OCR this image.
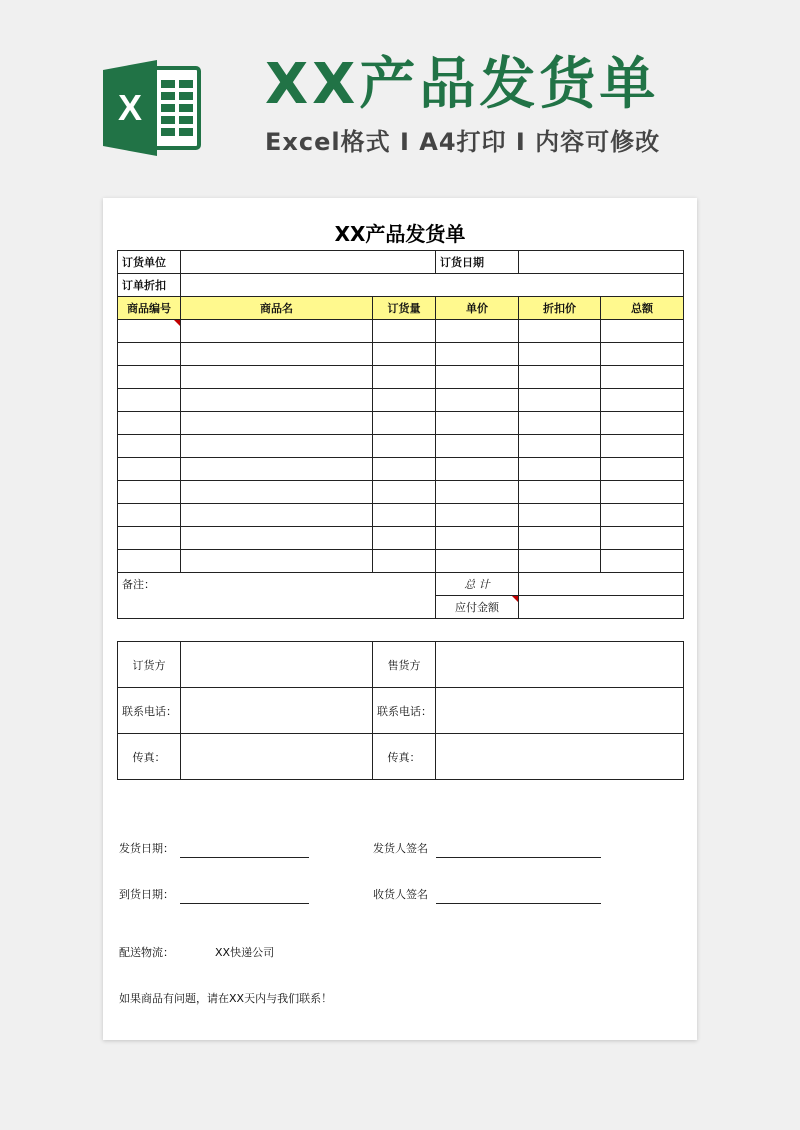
X XX产品发货单
Excel格式 I A4打印 I 内容可修改
XX产品发货单
订货单位			订货日期		
订单折扣					
商品编号	商品名	订货量	单价	折扣价	总额

备注：			总 计		
			应付金额		
订货方		售货方	
联系电话：		联系电话：	
传真：		传真：	
发货日期：	发货人签名
到货日期：	收货人签名
配送物流：	XX快递公司
如果商品有问题，请在XX天内与我们联系！
